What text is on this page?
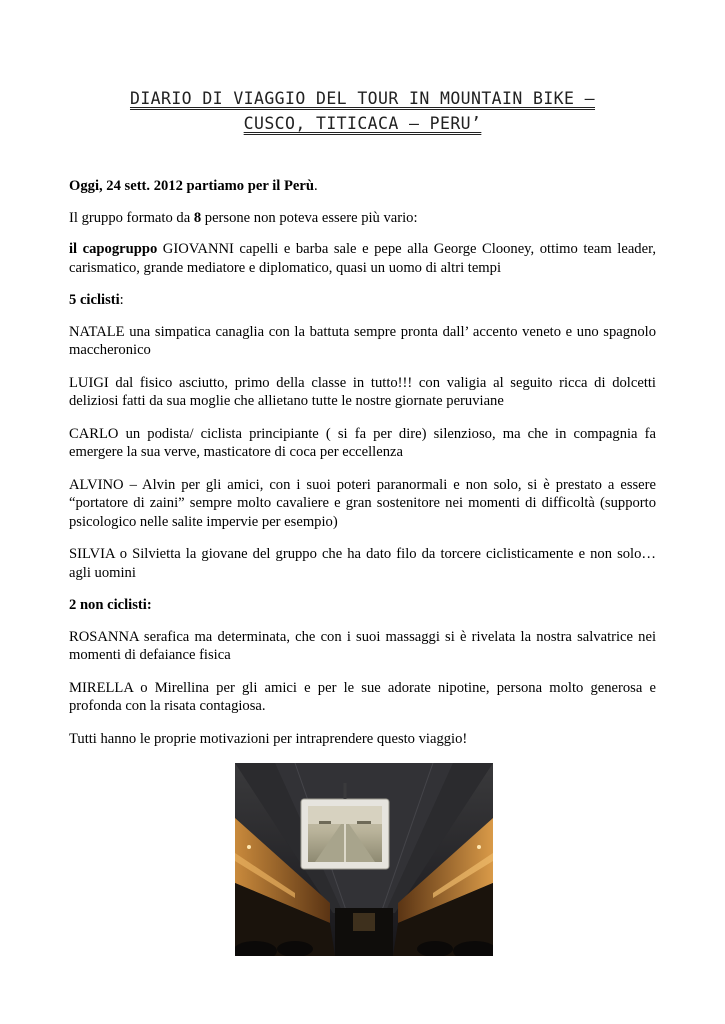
DIARIO DI VIAGGIO DEL TOUR IN MOUNTAIN BIKE –
CUSCO, TITICACA – PERU’

Oggi, 24 sett. 2012 partiamo per il Perù.

Il gruppo formato da 8 persone non poteva essere più vario:

il capogruppo GIOVANNI capelli e barba sale e pepe alla George Clooney, ottimo team leader, carismatico, grande mediatore e diplomatico, quasi un uomo di altri tempi

5 ciclisti:

NATALE una simpatica canaglia con la battuta sempre pronta dall’ accento veneto e uno spagnolo maccheronico

LUIGI dal fisico asciutto, primo della classe in tutto!!! con valigia al seguito ricca di dolcetti deliziosi fatti da sua moglie che allietano tutte le nostre giornate peruviane

CARLO un podista/ ciclista principiante ( si fa per dire) silenzioso, ma che in compagnia fa emergere la sua verve, masticatore di coca per eccellenza

ALVINO – Alvin per gli amici, con i suoi poteri paranormali e non solo, si è prestato a essere “portatore di zaini” sempre molto cavaliere e gran sostenitore nei momenti di difficoltà (supporto psicologico nelle salite impervie per esempio)

SILVIA o Silvietta la giovane del gruppo che ha dato filo da torcere ciclisticamente e non solo… agli uomini

2 non ciclisti:

ROSANNA serafica ma determinata, che con i suoi massaggi si è rivelata la nostra salvatrice nei momenti di defaiance fisica

MIRELLA o Mirellina per gli amici e per le sue adorate nipotine, persona molto generosa e profonda con la risata contagiosa.

Tutti hanno le proprie motivazioni per intraprendere questo viaggio!
